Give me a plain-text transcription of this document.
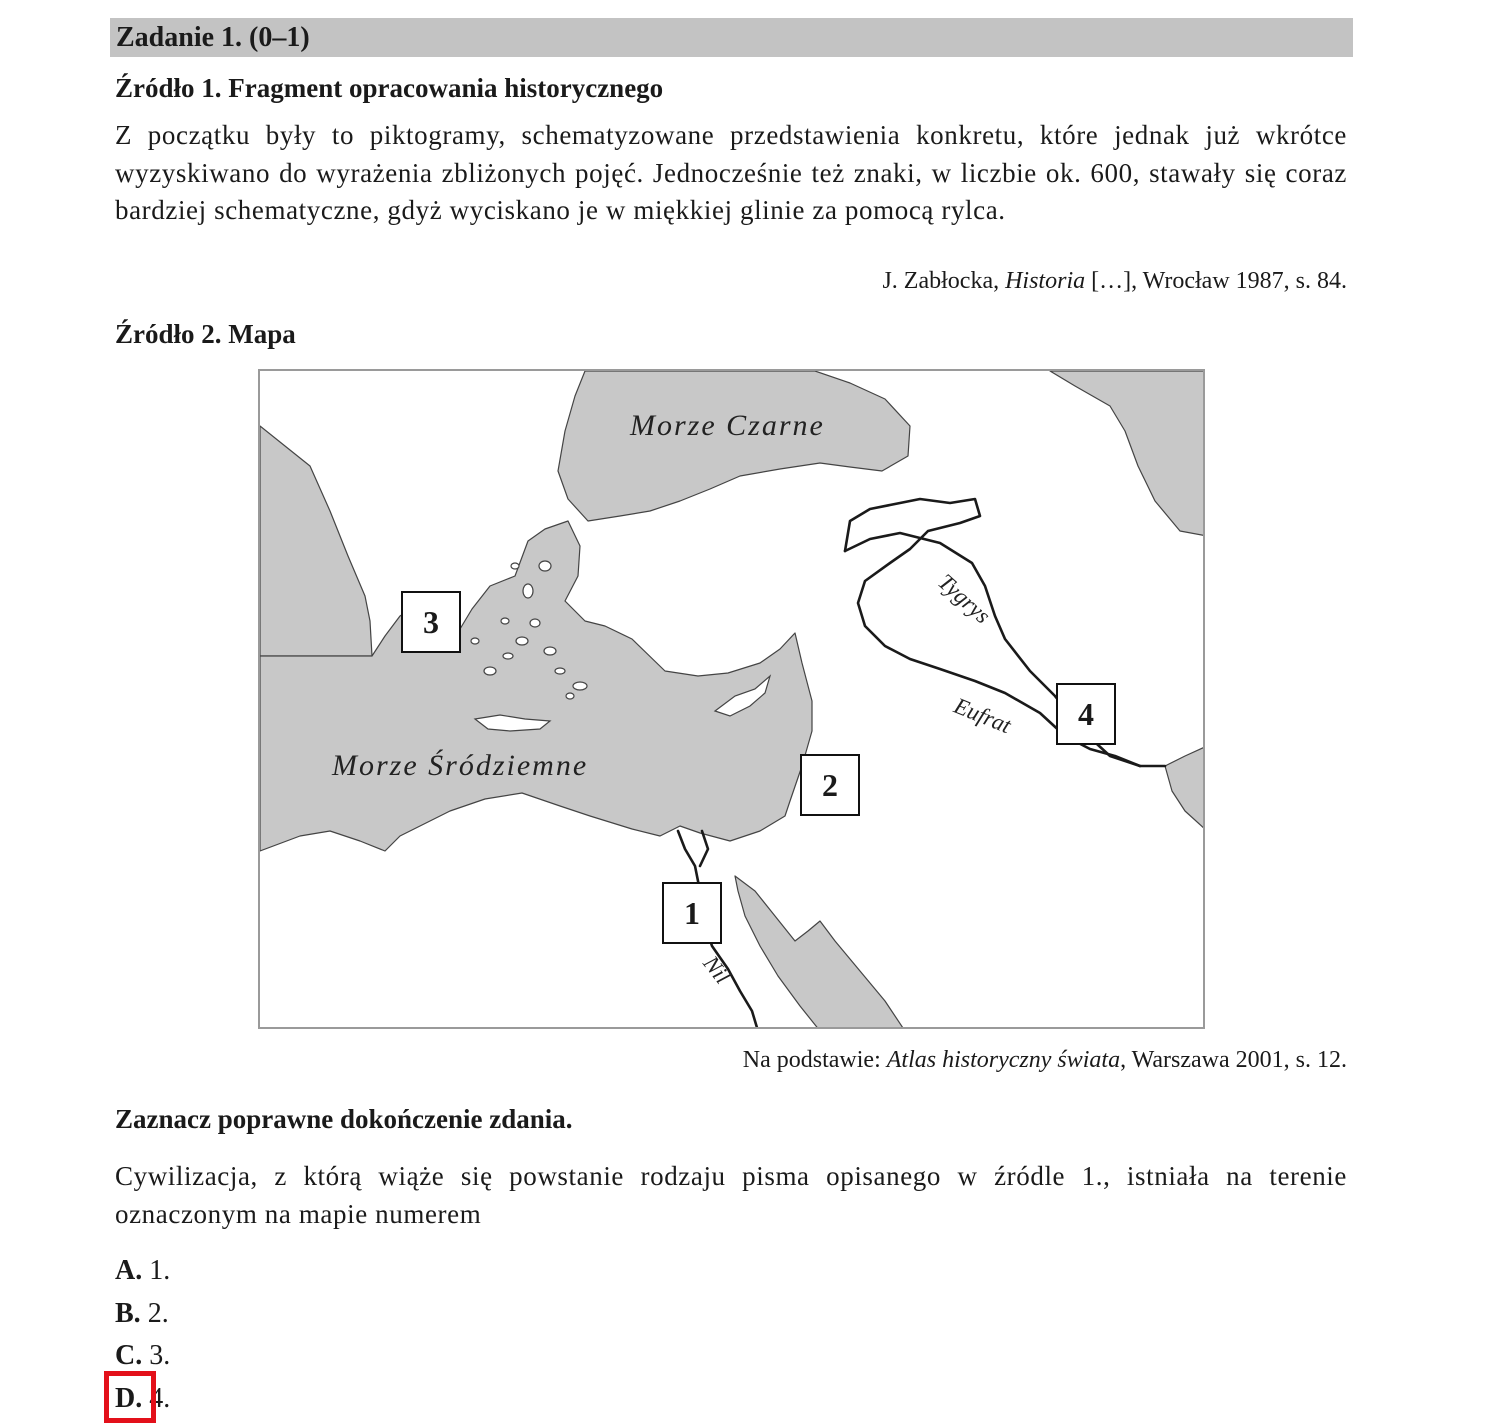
Zadanie 1. (0–1)
Źródło 1. Fragment opracowania historycznego

Z początku były to piktogramy, schematyzowane przedstawienia konkretu, które jednak już wkrótce wyzyskiwano do wyrażenia zbliżonych pojęć. Jednocześnie też znaki, w liczbie ok. 600, stawały się coraz bardziej schematyczne, gdyż wyciskano je w miękkiej glinie za pomocą rylca.

J. Zabłocka, Historia […], Wrocław 1987, s. 84.
Źródło 2. Mapa
Morze Czarne
Morze Śródziemne
Tygrys
Eufrat
Nil
3
2
1
4
Na podstawie: Atlas historyczny świata, Warszawa 2001, s. 12.
Zaznacz poprawne dokończenie zdania.

Cywilizacja, z którą wiąże się powstanie rodzaju pisma opisanego w źródle 1., istniała na terenie oznaczonym na mapie numerem

A. 1.
B. 2.
C. 3.
D. 4.
